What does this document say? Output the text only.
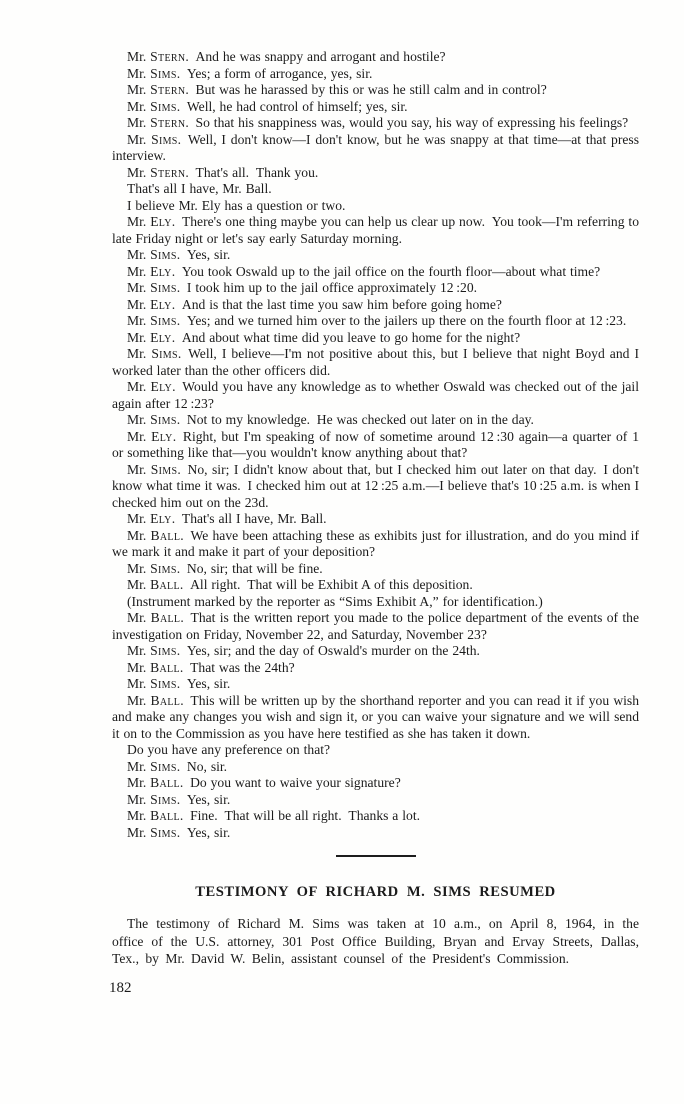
Mr. Stern. And he was snappy and arrogant and hostile?

Mr. Sims. Yes; a form of arrogance, yes, sir.

Mr. Stern. But was he harassed by this or was he still calm and in control?

Mr. Sims. Well, he had control of himself; yes, sir.

Mr. Stern. So that his snappiness was, would you say, his way of expressing his feelings?

Mr. Sims. Well, I don't know—I don't know, but he was snappy at that time—at that press interview.

Mr. Stern. That's all. Thank you.

That's all I have, Mr. Ball.

I believe Mr. Ely has a question or two.

Mr. Ely. There's one thing maybe you can help us clear up now. You took—I'm referring to late Friday night or let's say early Saturday morning.

Mr. Sims. Yes, sir.

Mr. Ely. You took Oswald up to the jail office on the fourth floor—about what time?

Mr. Sims. I took him up to the jail office approximately 12 :20.

Mr. Ely. And is that the last time you saw him before going home?

Mr. Sims. Yes; and we turned him over to the jailers up there on the fourth floor at 12 :23.

Mr. Ely. And about what time did you leave to go home for the night?

Mr. Sims. Well, I believe—I'm not positive about this, but I believe that night Boyd and I worked later than the other officers did.

Mr. Ely. Would you have any knowledge as to whether Oswald was checked out of the jail again after 12 :23?

Mr. Sims. Not to my knowledge. He was checked out later on in the day.

Mr. Ely. Right, but I'm speaking of now of sometime around 12 :30 again—a quarter of 1 or something like that—you wouldn't know anything about that?

Mr. Sims. No, sir; I didn't know about that, but I checked him out later on that day. I don't know what time it was. I checked him out at 12 :25 a.m.—I believe that's 10 :25 a.m. is when I checked him out on the 23d.

Mr. Ely. That's all I have, Mr. Ball.

Mr. Ball. We have been attaching these as exhibits just for illustration, and do you mind if we mark it and make it part of your deposition?

Mr. Sims. No, sir; that will be fine.

Mr. Ball. All right. That will be Exhibit A of this deposition.

(Instrument marked by the reporter as “Sims Exhibit A,” for identification.)

Mr. Ball. That is the written report you made to the police department of the events of the investigation on Friday, November 22, and Saturday, November 23?

Mr. Sims. Yes, sir; and the day of Oswald's murder on the 24th.

Mr. Ball. That was the 24th?

Mr. Sims. Yes, sir.

Mr. Ball. This will be written up by the shorthand reporter and you can read it if you wish and make any changes you wish and sign it, or you can waive your signature and we will send it on to the Commission as you have here testified as she has taken it down.

Do you have any preference on that?

Mr. Sims. No, sir.

Mr. Ball. Do you want to waive your signature?

Mr. Sims. Yes, sir.

Mr. Ball. Fine. That will be all right. Thanks a lot.

Mr. Sims. Yes, sir.

TESTIMONY OF RICHARD M. SIMS RESUMED

The testimony of Richard M. Sims was taken at 10 a.m., on April 8, 1964, in the office of the U.S. attorney, 301 Post Office Building, Bryan and Ervay Streets, Dallas, Tex., by Mr. David W. Belin, assistant counsel of the President's Commission.

182
